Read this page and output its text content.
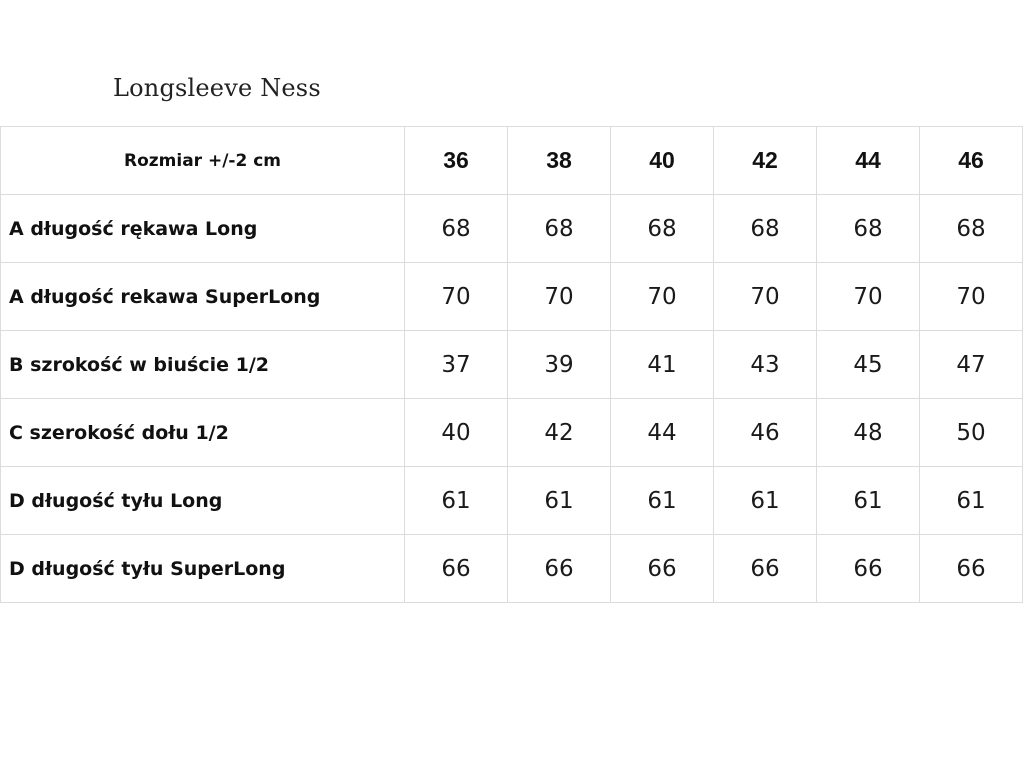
Longsleeve Ness
Rozmiar +/-2 cm	36	38	40	42	44	46
A długość rękawa Long	68	68	68	68	68	68
A długość rekawa SuperLong	70	70	70	70	70	70
B szrokość w biuście 1/2	37	39	41	43	45	47
C szerokość dołu 1/2	40	42	44	46	48	50
D długość tyłu Long	61	61	61	61	61	61
D długość tyłu SuperLong	66	66	66	66	66	66
